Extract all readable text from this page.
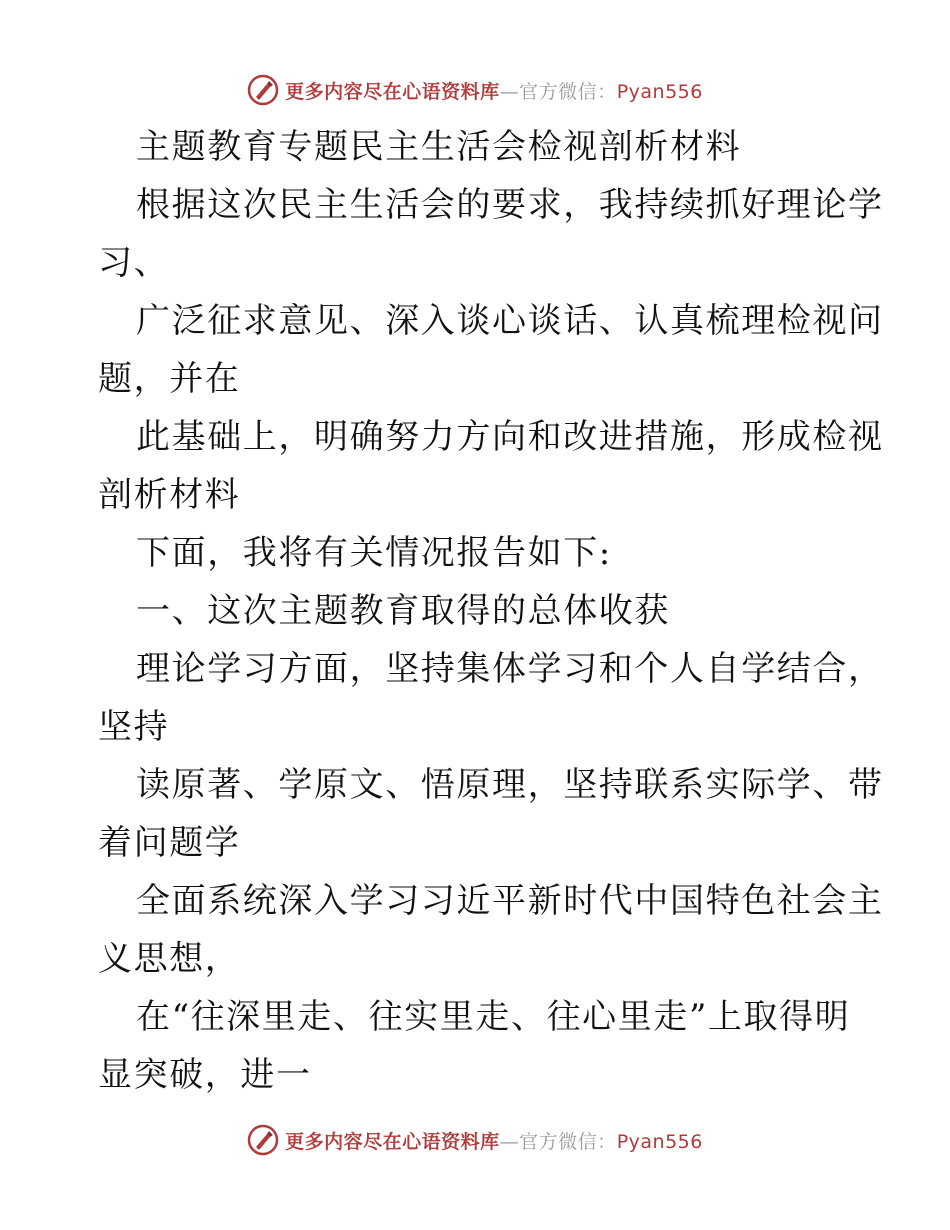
更多内容尽在心语资料库—官方微信：Pyan556
主题教育专题民主生活会检视剖析材料
根据这次民主生活会的要求，我持续抓好理论学
习、
广泛征求意见、深入谈心谈话、认真梳理检视问
题，并在
此基础上，明确努力方向和改进措施，形成检视
剖析材料
下面，我将有关情况报告如下:
一、这次主题教育取得的总体收获
理论学习方面，坚持集体学习和个人自学结合，
坚持
读原著、学原文、悟原理，坚持联系实际学、带
着问题学
全面系统深入学习习近平新时代中国特色社会主
义思想，
在“往深里走、往实里走、往心里走”上取得明
显突破，进一
更多内容尽在心语资料库—官方微信：Pyan556
